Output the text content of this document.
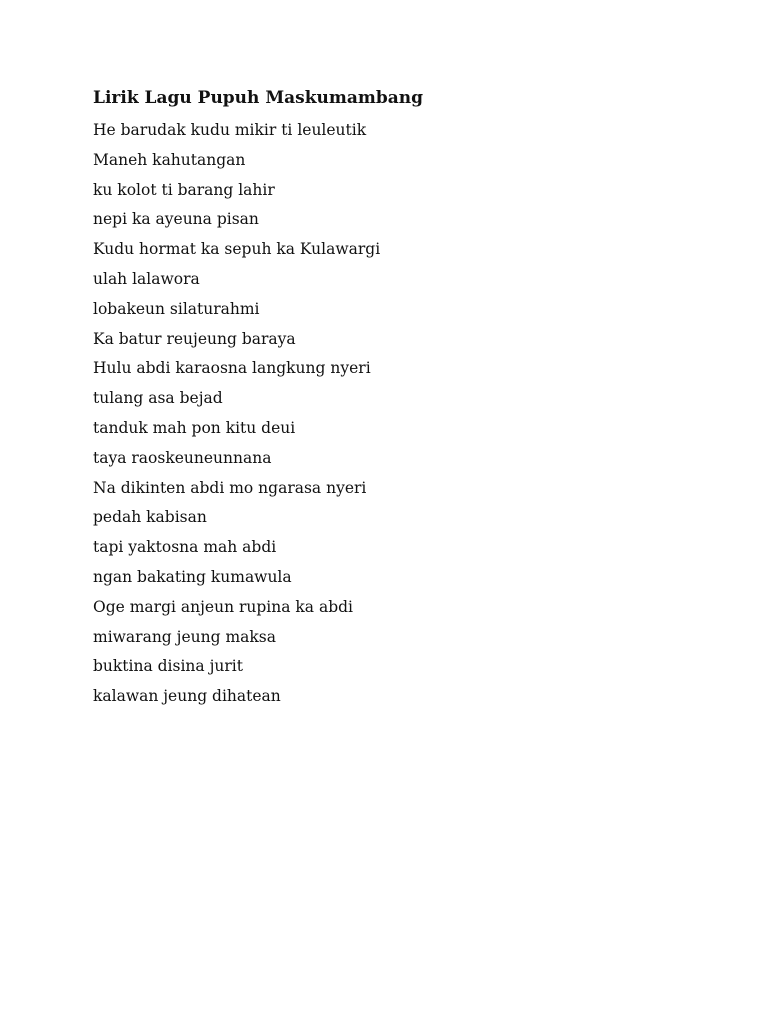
Lirik Lagu Pupuh Maskumambang
He barudak kudu mikir ti leuleutik
Maneh kahutangan
ku kolot ti barang lahir
nepi ka ayeuna pisan
Kudu hormat ka sepuh ka Kulawargi
ulah lalawora
lobakeun silaturahmi
Ka batur reujeung baraya
Hulu abdi karaosna langkung nyeri
tulang asa bejad
tanduk mah pon kitu deui
taya raoskeuneunnana
Na dikinten abdi mo ngarasa nyeri
pedah kabisan
tapi yaktosna mah abdi
ngan bakating kumawula
Oge margi anjeun rupina ka abdi
miwarang jeung maksa
buktina disina jurit
kalawan jeung dihatean
